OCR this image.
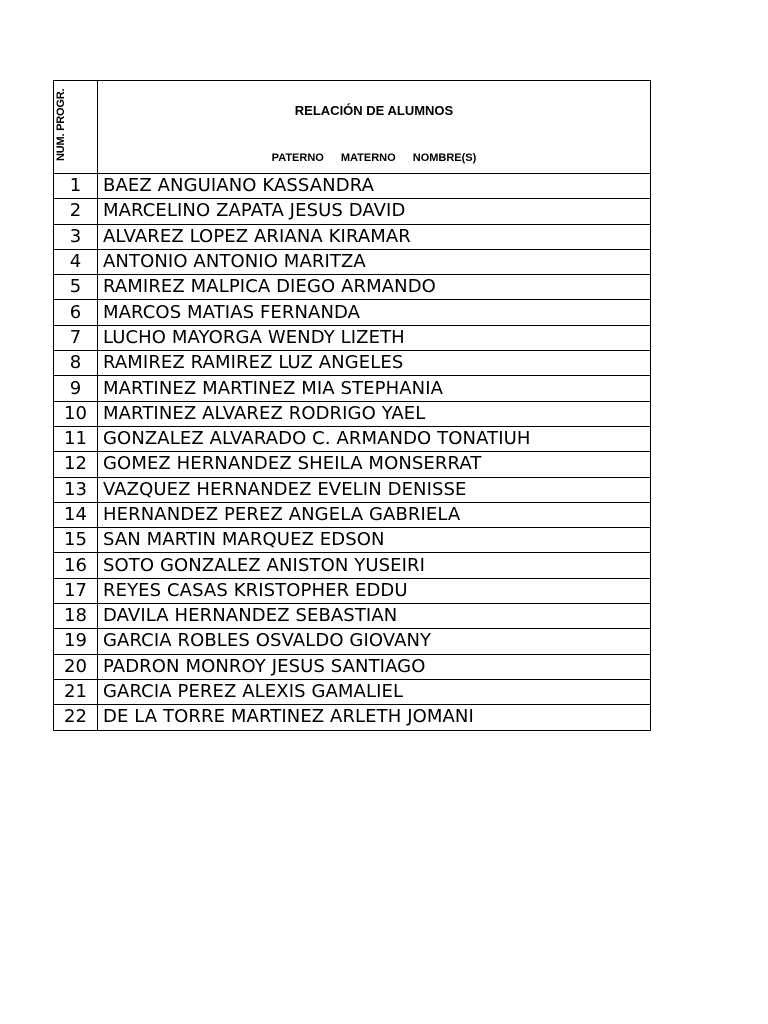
NUM. PROGR.	RELACIÓN DE ALUMNOS
PATERNO MATERNO NOMBRE(S)

1	BAEZ ANGUIANO KASSANDRA
2	MARCELINO ZAPATA JESUS DAVID
3	ALVAREZ LOPEZ ARIANA KIRAMAR
4	ANTONIO ANTONIO MARITZA
5	RAMIREZ MALPICA DIEGO ARMANDO
6	MARCOS MATIAS FERNANDA
7	LUCHO MAYORGA WENDY LIZETH
8	RAMIREZ RAMIREZ LUZ ANGELES
9	MARTINEZ MARTINEZ MIA STEPHANIA
10	MARTINEZ ALVAREZ RODRIGO YAEL
11	GONZALEZ ALVARADO C. ARMANDO TONATIUH
12	GOMEZ HERNANDEZ SHEILA MONSERRAT
13	VAZQUEZ HERNANDEZ EVELIN DENISSE
14	HERNANDEZ PEREZ ANGELA GABRIELA
15	SAN MARTIN MARQUEZ EDSON
16	SOTO GONZALEZ ANISTON YUSEIRI
17	REYES CASAS KRISTOPHER EDDU
18	DAVILA HERNANDEZ SEBASTIAN
19	GARCIA ROBLES OSVALDO GIOVANY
20	PADRON MONROY JESUS SANTIAGO
21	GARCIA PEREZ ALEXIS GAMALIEL
22	DE LA TORRE MARTINEZ ARLETH JOMANI
